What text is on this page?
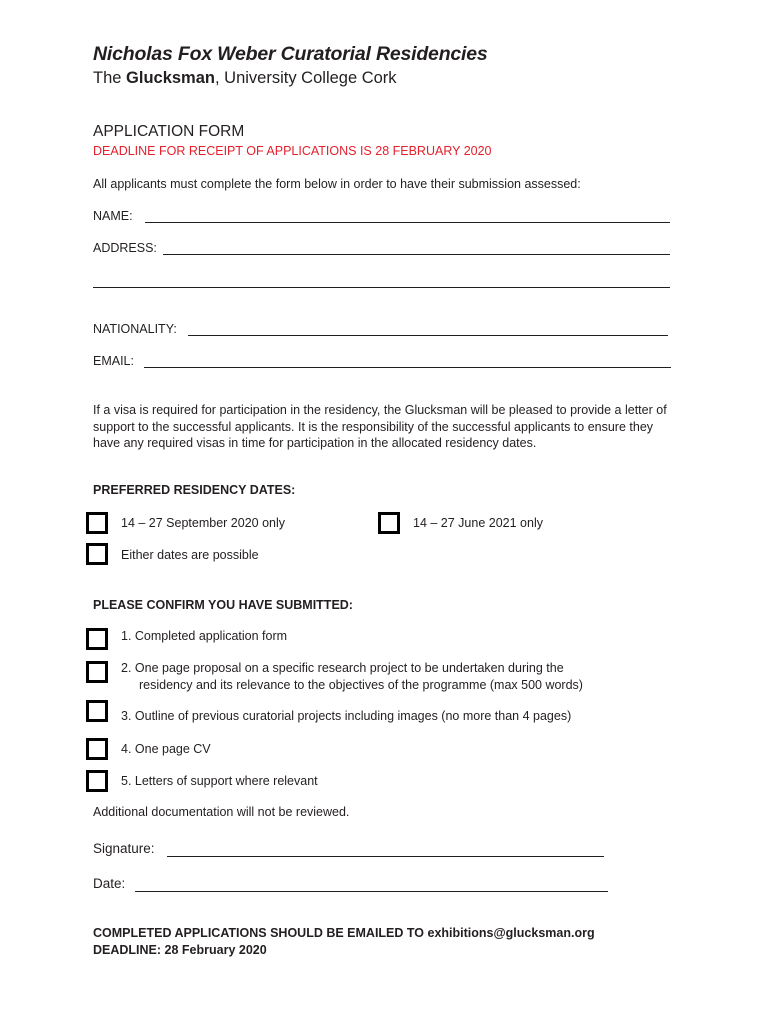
Nicholas Fox Weber Curatorial Residencies
The Glucksman, University College Cork
APPLICATION FORM
DEADLINE FOR RECEIPT OF APPLICATIONS IS 28 FEBRUARY 2020
All applicants must complete the form below in order to have their submission assessed:
NAME:
ADDRESS:
NATIONALITY:
EMAIL:
If a visa is required for participation in the residency, the Glucksman will be pleased to provide a letter of support to the successful applicants. It is the responsibility of the successful applicants to ensure they have any required visas in time for participation in the allocated residency dates.
PREFERRED RESIDENCY DATES:
14 – 27 September 2020 only	14 – 27 June 2021 only
Either dates are possible
PLEASE CONFIRM YOU HAVE SUBMITTED:
1. Completed application form
2. One page proposal on a specific research project to be undertaken during the
residency and its relevance to the objectives of the programme (max 500 words)
3. Outline of previous curatorial projects including images (no more than 4 pages)
4. One page CV
5. Letters of support where relevant
Additional documentation will not be reviewed.
Signature:
Date:
COMPLETED APPLICATIONS SHOULD BE EMAILED TO exhibitions@glucksman.org
DEADLINE: 28 February 2020
